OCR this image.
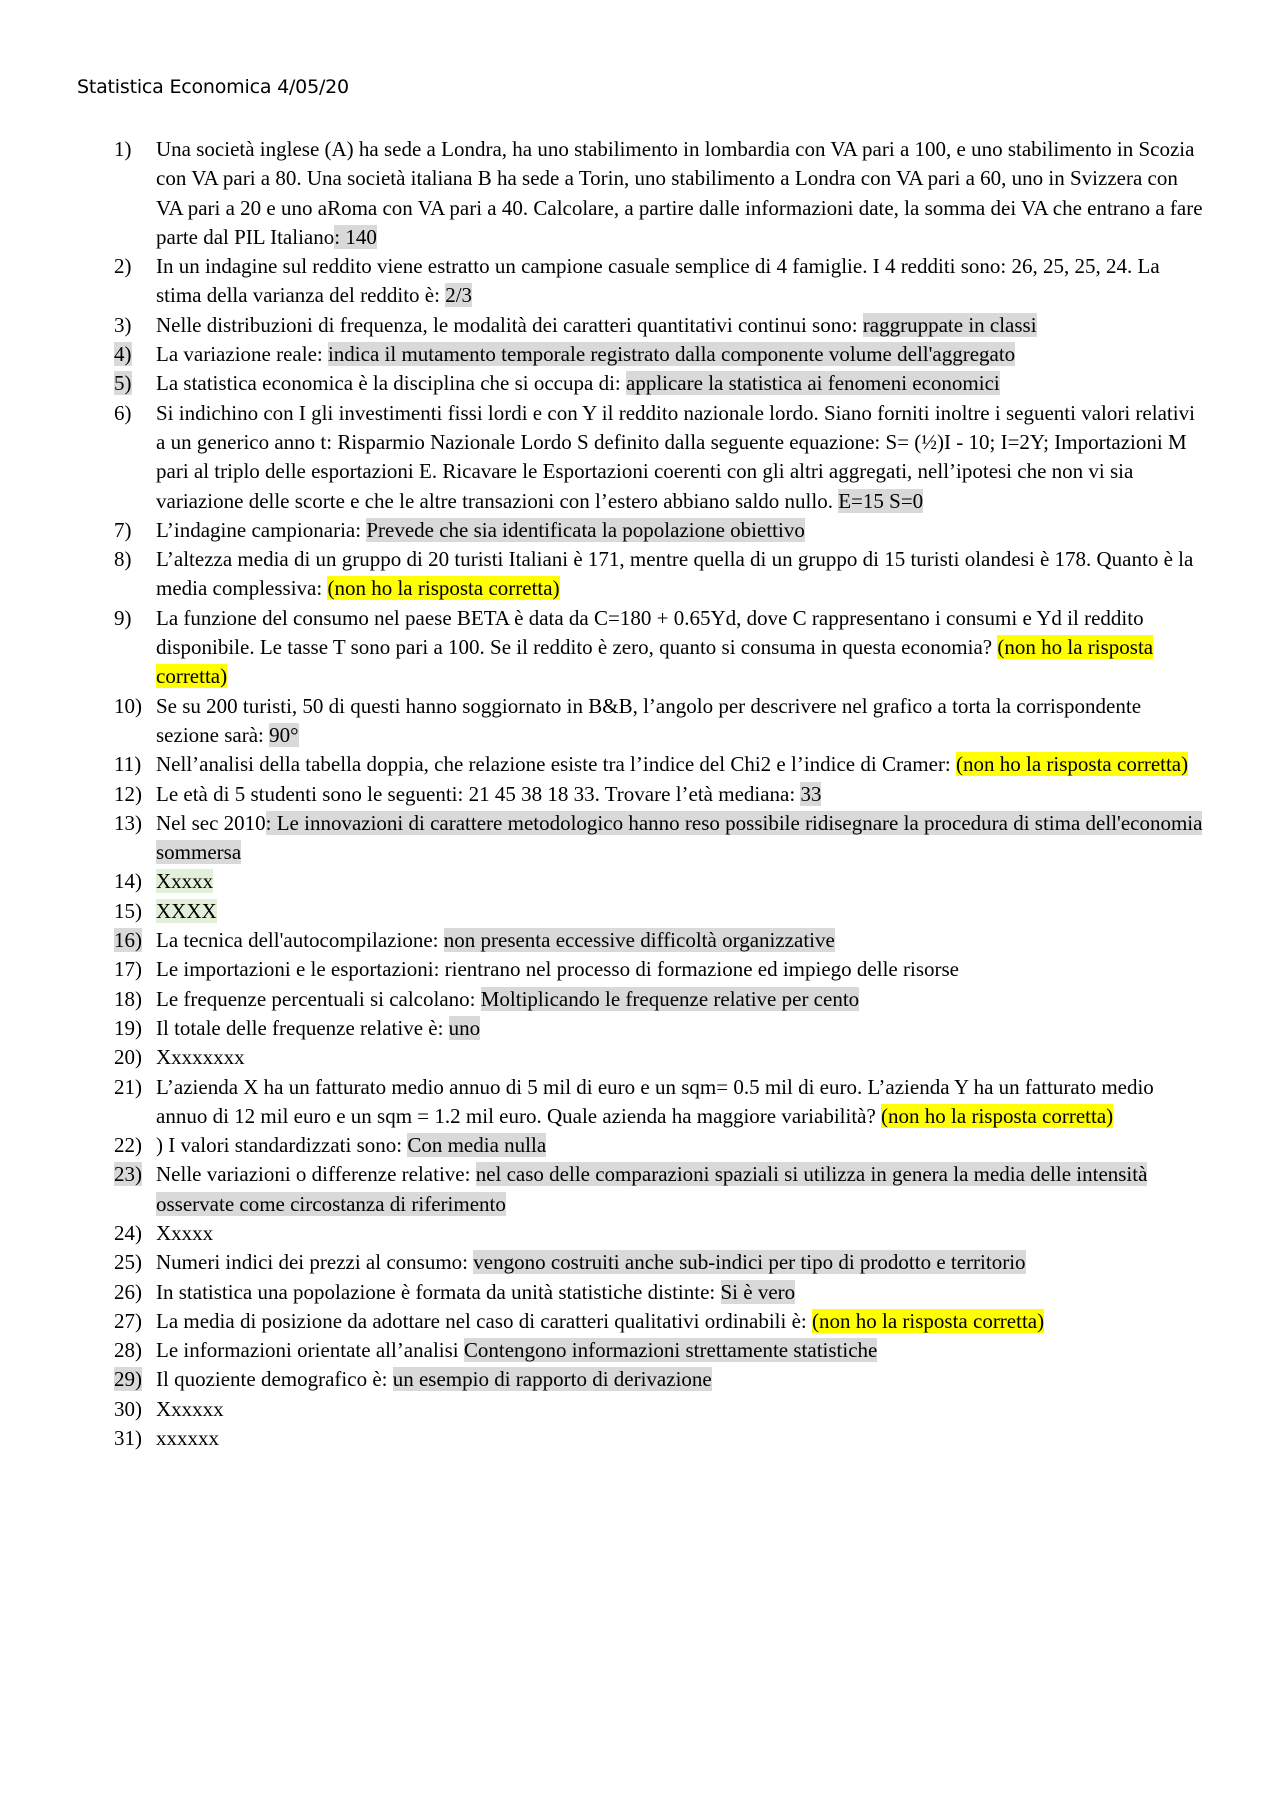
Statistica Economica 4/05/20
1)	Una società inglese (A) ha sede a Londra, ha uno stabilimento in lombardia con VA pari a 100, e uno stabilimento in Scozia con VA pari a 80. Una società italiana B ha sede a Torin, uno stabilimento a Londra con VA pari a 60, uno in Svizzera con VA pari a 20 e uno aRoma con VA pari a 40. Calcolare, a partire dalle informazioni date, la somma dei VA che entrano a fare parte dal PIL Italiano: 140
2)	In un indagine sul reddito viene estratto un campione casuale semplice di 4 famiglie. I 4 redditi sono: 26, 25, 25, 24. La stima della varianza del reddito è: 2/3
3)	Nelle distribuzioni di frequenza, le modalità dei caratteri quantitativi continui sono: raggruppate in classi
4)	La variazione reale: indica il mutamento temporale registrato dalla componente volume dell'aggregato
5)	La statistica economica è la disciplina che si occupa di: applicare la statistica ai fenomeni economici
6)	Si indichino con I gli investimenti fissi lordi e con Y il reddito nazionale lordo. Siano forniti inoltre i seguenti valori relativi a un generico anno t: Risparmio Nazionale Lordo S definito dalla seguente equazione: S= (½)I - 10; I=2Y; Importazioni M pari al triplo delle esportazioni E. Ricavare le Esportazioni coerenti con gli altri aggregati, nell’ipotesi che non vi sia variazione delle scorte e che le altre transazioni con l’estero abbiano saldo nullo. E=15 S=0
7)	L’indagine campionaria: Prevede che sia identificata la popolazione obiettivo
8)	L’altezza media di un gruppo di 20 turisti Italiani è 171, mentre quella di un gruppo di 15 turisti olandesi è 178. Quanto è la media complessiva: (non ho la risposta corretta)
9)	La funzione del consumo nel paese BETA è data da C=180 + 0.65Yd, dove C rappresentano i consumi e Yd il reddito disponibile. Le tasse T sono pari a 100. Se il reddito è zero, quanto si consuma in questa economia? (non ho la risposta corretta)
10) Se su 200 turisti, 50 di questi hanno soggiornato in B&B, l’angolo per descrivere nel grafico a torta la corrispondente sezione sarà: 90°
11) Nell’analisi della tabella doppia, che relazione esiste tra l’indice del Chi2 e l’indice di Cramer: (non ho la risposta corretta)
12) Le età di 5 studenti sono le seguenti: 21 45 38 18 33. Trovare l’età mediana: 33
13) Nel sec 2010: Le innovazioni di carattere metodologico hanno reso possibile ridisegnare la procedura di stima dell'economia sommersa
14) Xxxxx
15) XXXX
16) La tecnica dell'autocompilazione: non presenta eccessive difficoltà organizzative
17) Le importazioni e le esportazioni: rientrano nel processo di formazione ed impiego delle risorse
18) Le frequenze percentuali si calcolano: Moltiplicando le frequenze relative per cento
19) Il totale delle frequenze relative è: uno
20) Xxxxxxxx
21) L’azienda X ha un fatturato medio annuo di 5 mil di euro e un sqm= 0.5 mil di euro. L’azienda Y ha un fatturato medio annuo di 12 mil euro e un sqm = 1.2 mil euro. Quale azienda ha maggiore variabilità? (non ho la risposta corretta)
22) ) I valori standardizzati sono: Con media nulla
23) Nelle variazioni o differenze relative: nel caso delle comparazioni spaziali si utilizza in genera la media delle intensità osservate come circostanza di riferimento
24) Xxxxx
25) Numeri indici dei prezzi al consumo: vengono costruiti anche sub-indici per tipo di prodotto e territorio
26) In statistica una popolazione è formata da unità statistiche distinte: Si è vero
27) La media di posizione da adottare nel caso di caratteri qualitativi ordinabili è: (non ho la risposta corretta)
28) Le informazioni orientate all’analisi Contengono informazioni strettamente statistiche
29) Il quoziente demografico è: un esempio di rapporto di derivazione
30) Xxxxxx
31) xxxxxx
